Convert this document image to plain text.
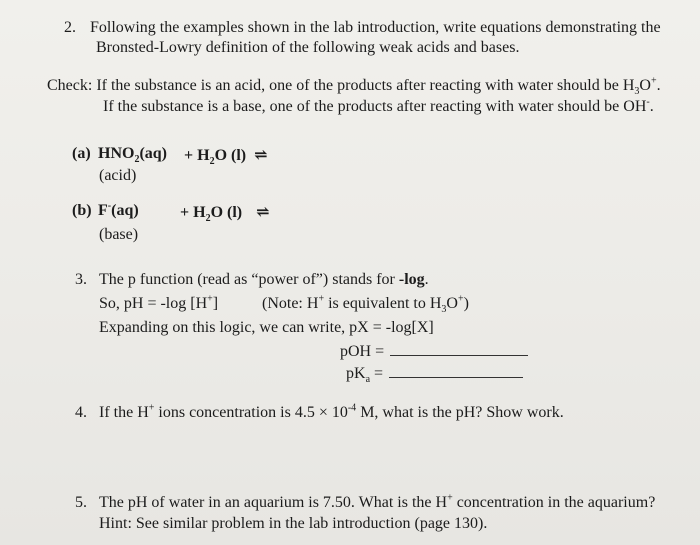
2. Following the examples shown in the lab introduction, write equations demonstrating the
Bronsted-Lowry definition of the following weak acids and bases.
Check: If the substance is an acid, one of the products after reacting with water should be $H_3O^+$.
If the substance is a base, one of the products after reacting with water should be OH-.
(a) $HNO_2(aq) + H_2O$ (l) ⇌
(acid)
(b) F-(aq)	+ $H_2O$ (l) ⇌
(base)
3. The p function (read as “power of”) stands for -log.
So, pH = -log [H+]	(Note: H+ is equivalent to $H_3O^+$)
Expanding on this logic, we can write, pX = -log[X]
pOH =
$pK_a$ =
4. If the H+ ions concentration is $4.5 \times 10^{-4}$ M, what is the pH? Show work.
5. The pH of water in an aquarium is 7.50. What is the H+ concentration in the aquarium?
Hint: See similar problem in the lab introduction (page 130).
